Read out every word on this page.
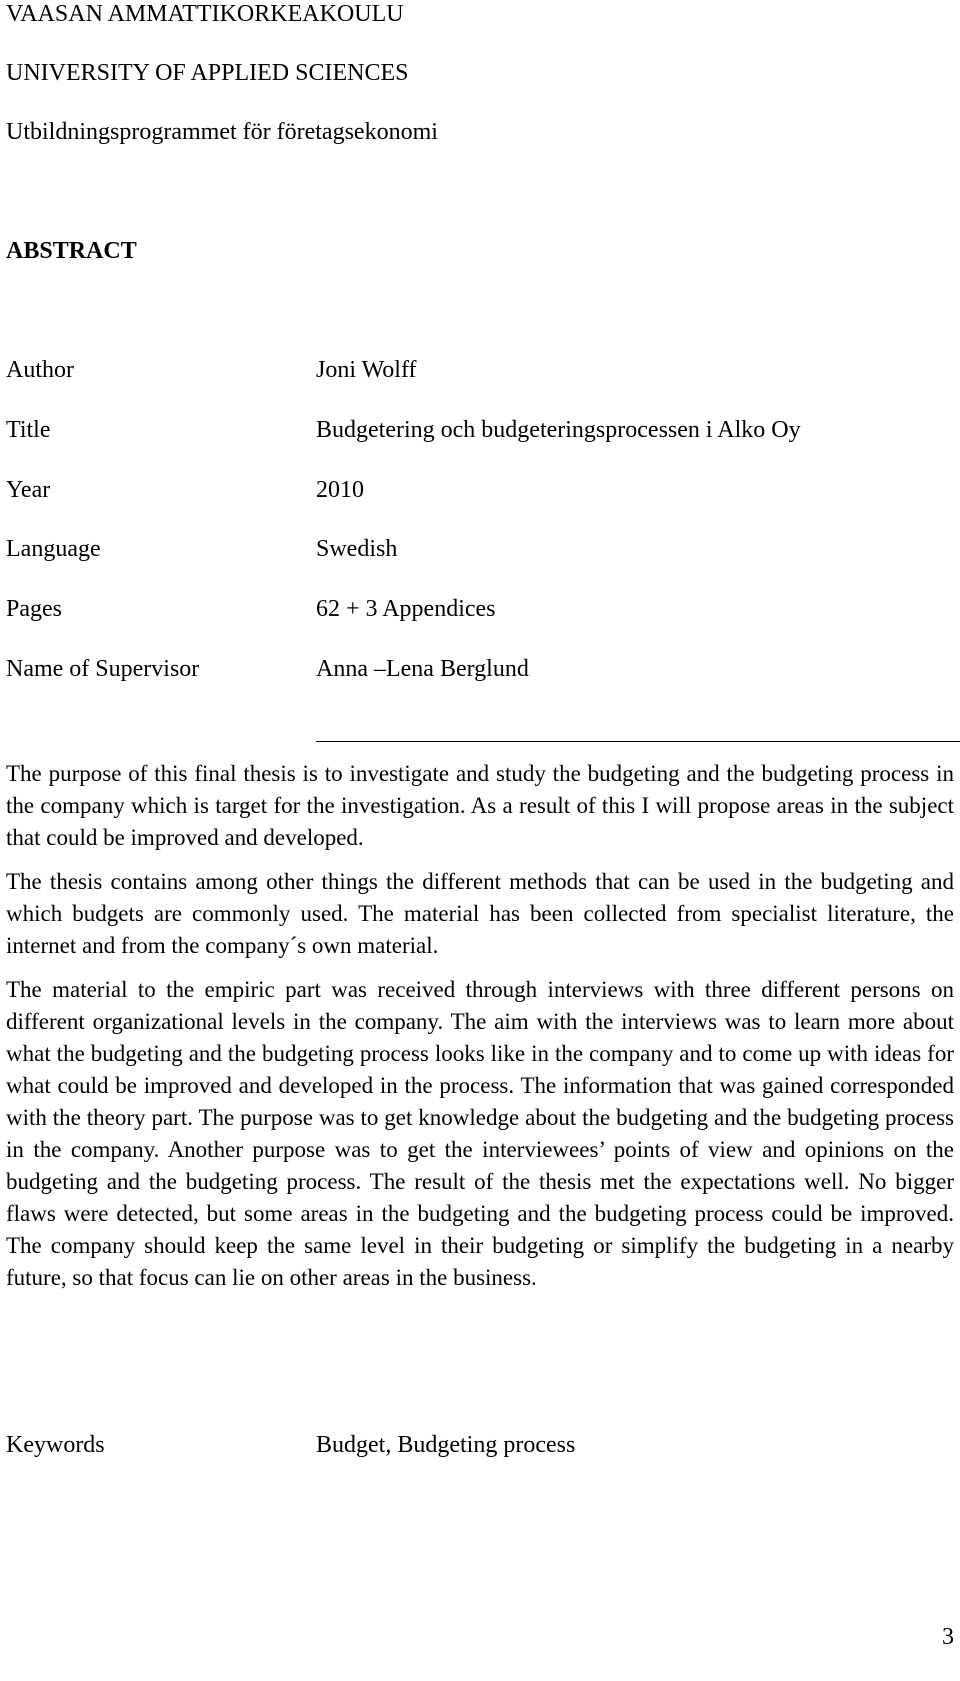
VAASAN AMMATTIKORKEAKOULU
UNIVERSITY OF APPLIED SCIENCES
Utbildningsprogrammet för företagsekonomi
ABSTRACT
Author	Joni Wolff
Title	Budgetering och budgeteringsprocessen i Alko Oy
Year	2010
Language	Swedish
Pages	62 + 3 Appendices
Name of Supervisor	Anna –Lena Berglund

The purpose of this final thesis is to investigate and study the budgeting and the budgeting process in the company which is target for the investigation. As a result of this I will propose areas in the subject that could be improved and developed.

The thesis contains among other things the different methods that can be used in the budgeting and which budgets are commonly used. The material has been collected from specialist literature, the internet and from the company´s own material.

The material to the empiric part was received through interviews with three different persons on different organizational levels in the company. The aim with the interviews was to learn more about what the budgeting and the budgeting process looks like in the company and to come up with ideas for what could be improved and developed in the process. The information that was gained corresponded with the theory part. The purpose was to get knowledge about the budgeting and the budgeting process in the company. Another purpose was to get the interviewees’ points of view and opinions on the budgeting and the budgeting process. The result of the thesis met the expectations well. No bigger flaws were detected, but some areas in the budgeting and the budgeting process could be improved. The company should keep the same level in their budgeting or simplify the budgeting in a nearby future, so that focus can lie on other areas in the business.

Keywords	Budget, Budgeting process
3
